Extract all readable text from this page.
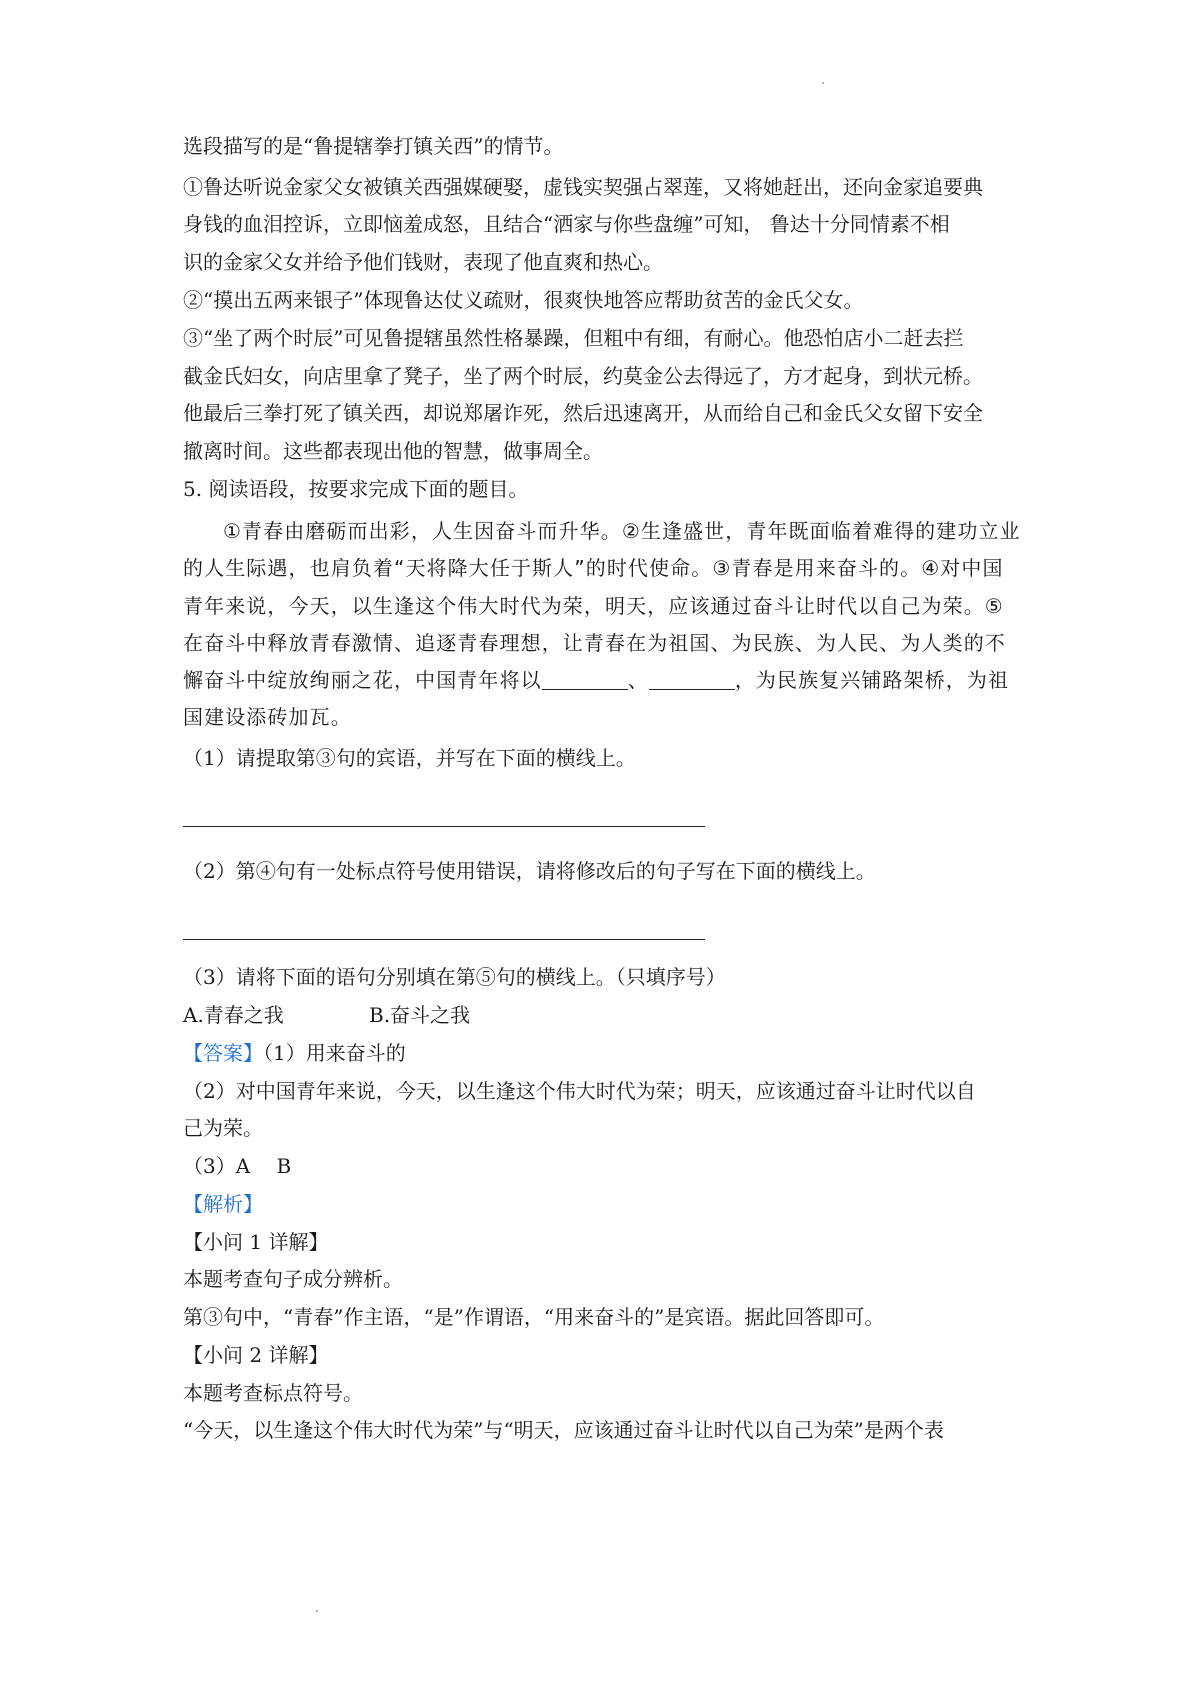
选段描写的是“鲁提辖拳打镇关西”的情节。
①鲁达听说金家父女被镇关西强媒硬娶，虚钱实契强占翠莲，又将她赶出，还向金家追要典
身钱的血泪控诉，立即恼羞成怒，且结合“洒家与你些盘缠”可知， 鲁达十分同情素不相
识的金家父女并给予他们钱财，表现了他直爽和热心。
②“摸出五两来银子”体现鲁达仗义疏财，很爽快地答应帮助贫苦的金氏父女。
③“坐了两个时辰”可见鲁提辖虽然性格暴躁，但粗中有细，有耐心。他恐怕店小二赶去拦
截金氏妇女，向店里拿了凳子，坐了两个时辰，约莫金公去得远了，方才起身，到状元桥。
他最后三拳打死了镇关西，却说郑屠诈死，然后迅速离开，从而给自己和金氏父女留下安全
撤离时间。这些都表现出他的智慧，做事周全。
5. 阅读语段，按要求完成下面的题目。
①青春由磨砺而出彩，人生因奋斗而升华。②生逢盛世，青年既面临着难得的建功立业的人生际遇，也肩负着“天将降大任于斯人”的时代使命。③青春是用来奋斗的。④对中国青年来说，今天，以生逢这个伟大时代为荣，明天，应该通过奋斗让时代以自己为荣。⑤在奋斗中释放青春激情、追逐青春理想，让青春在为祖国、为民族、为人民、为人类的不懈奋斗中绽放绚丽之花，中国青年将以	、	，为民族复兴铺路架桥，为祖国建设添砖加瓦。
（1）请提取第③句的宾语，并写在下面的横线上。
（2）第④句有一处标点符号使用错误，请将修改后的句子写在下面的横线上。
（3）请将下面的语句分别填在第⑤句的横线上。（只填序号）
A.青春之我	B.奋斗之我
【答案】（1）用来奋斗的
（2）对中国青年来说，今天，以生逢这个伟大时代为荣；明天，应该通过奋斗让时代以自
己为荣。
（3）A　 B
【解析】
【小问 1 详解】
本题考查句子成分辨析。
第③句中，“青春”作主语，“是”作谓语，“用来奋斗的”是宾语。据此回答即可。
【小问 2 详解】
本题考查标点符号。
“今天，以生逢这个伟大时代为荣”与“明天，应该通过奋斗让时代以自己为荣”是两个表
